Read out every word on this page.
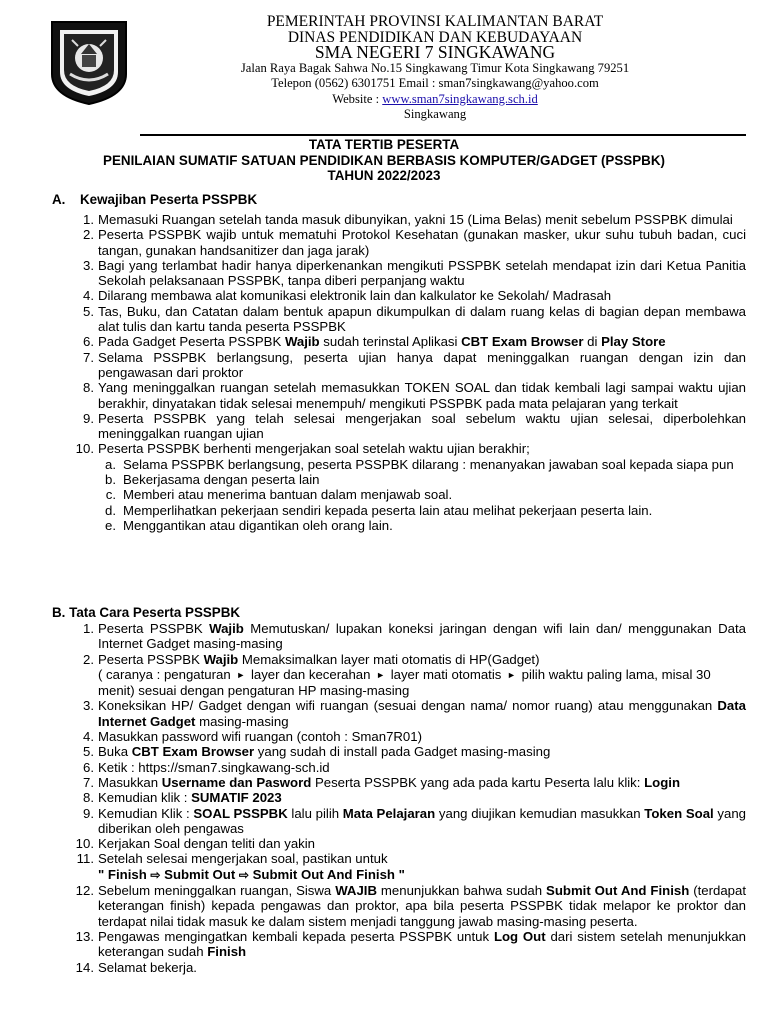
PEMERINTAH PROVINSI KALIMANTAN BARAT
DINAS PENDIDIKAN DAN KEBUDAYAAN
SMA NEGERI 7 SINGKAWANG
Jalan Raya Bagak Sahwa No.15 Singkawang Timur Kota Singkawang 79251
Telepon (0562) 6301751 Email : sman7singkawang@yahoo.com
Website : www.sman7singkawang.sch.id
Singkawang
TATA TERTIB PESERTA
PENILAIAN SUMATIF SATUAN PENDIDIKAN BERBASIS KOMPUTER/GADGET (PSSPBK)
TAHUN 2022/2023
A. Kewajiban Peserta PSSPBK
1. Memasuki Ruangan setelah tanda masuk dibunyikan, yakni 15 (Lima Belas) menit sebelum PSSPBK dimulai
2. Peserta PSSPBK wajib untuk mematuhi Protokol Kesehatan (gunakan masker, ukur suhu tubuh badan, cuci tangan, gunakan handsanitizer dan jaga jarak)
3. Bagi yang terlambat hadir hanya diperkenankan mengikuti PSSPBK setelah mendapat izin dari Ketua Panitia Sekolah pelaksanaan PSSPBK, tanpa diberi perpanjang waktu
4. Dilarang membawa alat komunikasi elektronik lain dan kalkulator ke Sekolah/ Madrasah
5. Tas, Buku, dan Catatan dalam bentuk apapun dikumpulkan di dalam ruang kelas di bagian depan membawa alat tulis dan kartu tanda peserta PSSPBK
6. Pada Gadget Peserta PSSPBK Wajib sudah terinstal Aplikasi CBT Exam Browser di Play Store
7. Selama PSSPBK berlangsung, peserta ujian hanya dapat meninggalkan ruangan dengan izin dan pengawasan dari proktor
8. Yang meninggalkan ruangan setelah memasukkan TOKEN SOAL dan tidak kembali lagi sampai waktu ujian berakhir, dinyatakan tidak selesai menempuh/ mengikuti PSSPBK pada mata pelajaran yang terkait
9. Peserta PSSPBK yang telah selesai mengerjakan soal sebelum waktu ujian selesai, diperbolehkan meninggalkan ruangan ujian
10. Peserta PSSPBK berhenti mengerjakan soal setelah waktu ujian berakhir;
a. Selama PSSPBK berlangsung, peserta PSSPBK dilarang : menanyakan jawaban soal kepada siapa pun
b. Bekerjasama dengan peserta lain
c. Memberi atau menerima bantuan dalam menjawab soal.
d. Memperlihatkan pekerjaan sendiri kepada peserta lain atau melihat pekerjaan peserta lain.
e. Menggantikan atau digantikan oleh orang lain.
B. Tata Cara Peserta PSSPBK
1. Peserta PSSPBK Wajib Memutuskan/ lupakan koneksi jaringan dengan wifi lain dan/ menggunakan Data Internet Gadget masing-masing
2. Peserta PSSPBK Wajib Memaksimalkan layer mati otomatis di HP(Gadget)
( caranya : pengaturan ► layer dan kecerahan ► layer mati otomatis ► pilih waktu paling lama, misal 30 menit) sesuai dengan pengaturan HP masing-masing
3. Koneksikan HP/ Gadget dengan wifi ruangan (sesuai dengan nama/ nomor ruang) atau menggunakan Data Internet Gadget masing-masing
4. Masukkan password wifi ruangan (contoh : Sman7R01)
5. Buka CBT Exam Browser yang sudah di install pada Gadget masing-masing
6. Ketik : https://sman7.singkawang-sch.id
7. Masukkan Username dan Pasword Peserta PSSPBK yang ada pada kartu Peserta lalu klik: Login
8. Kemudian klik : SUMATIF 2023
9. Kemudian Klik : SOAL PSSPBK lalu pilih Mata Pelajaran yang diujikan kemudian masukkan Token Soal yang diberikan oleh pengawas
10. Kerjakan Soal dengan teliti dan yakin
11. Setelah selesai mengerjakan soal, pastikan untuk
" Finish ⇨ Submit Out ⇨ Submit Out And Finish "
12. Sebelum meninggalkan ruangan, Siswa WAJIB menunjukkan bahwa sudah Submit Out And Finish (terdapat keterangan finish) kepada pengawas dan proktor, apa bila peserta PSSPBK tidak melapor ke proktor dan terdapat nilai tidak masuk ke dalam sistem menjadi tanggung jawab masing-masing peserta.
13. Pengawas mengingatkan kembali kepada peserta PSSPBK untuk Log Out dari sistem setelah menunjukkan keterangan sudah Finish
14. Selamat bekerja.
